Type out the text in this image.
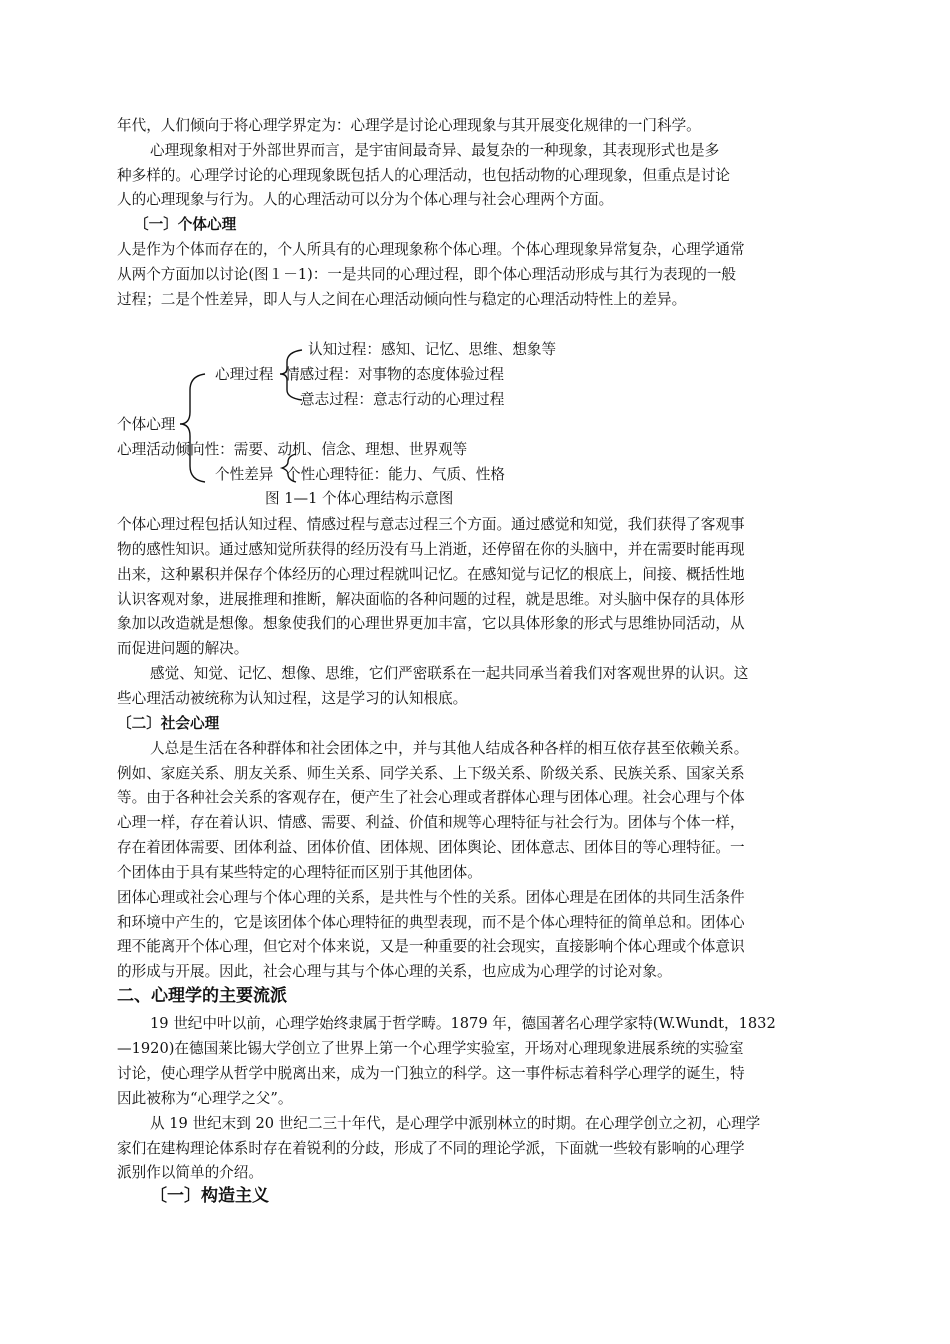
年代，人们倾向于将心理学界定为：心理学是讨论心理现象与其开展变化规律的一门科学。
心理现象相对于外部世界而言，是宇宙间最奇异、最复杂的一种现象，其表现形式也是多
种多样的。心理学讨论的心理现象既包括人的心理活动，也包括动物的心理现象，但重点是讨论
人的心理现象与行为。人的心理活动可以分为个体心理与社会心理两个方面。
〔一〕个体心理
人是作为个体而存在的，个人所具有的心理现象称个体心理。个体心理现象异常复杂，心理学通常
从两个方面加以讨论(图１－1)：一是共同的心理过程，即个体心理活动形成与其行为表现的一般
过程；二是个性差异，即人与人之间在心理活动倾向性与稳定的心理活动特性上的差异。
认知过程：感知、记忆、思维、想象等
心理过程 情感过程：对事物的态度体验过程
意志过程：意志行动的心理过程
个体心理
心理活动倾向性：需要、动机、信念、理想、世界观等
个性差异 个性心理特征：能力、气质、性格
图 1—1 个体心理结构示意图
个体心理过程包括认知过程、情感过程与意志过程三个方面。通过感觉和知觉，我们获得了客观事
物的感性知识。通过感知觉所获得的经历没有马上消逝，还停留在你的头脑中，并在需要时能再现
出来，这种累积并保存个体经历的心理过程就叫记忆。在感知觉与记忆的根底上，间接、概括性地
认识客观对象，进展推理和推断，解决面临的各种问题的过程，就是思维。对头脑中保存的具体形
象加以改造就是想像。想象使我们的心理世界更加丰富，它以具体形象的形式与思维协同活动，从
而促进问题的解决。
感觉、知觉、记忆、想像、思维，它们严密联系在一起共同承当着我们对客观世界的认识。这
些心理活动被统称为认知过程，这是学习的认知根底。
〔二〕社会心理
人总是生活在各种群体和社会团体之中，并与其他人结成各种各样的相互依存甚至依赖关系。
例如、家庭关系、朋友关系、师生关系、同学关系、上下级关系、阶级关系、民族关系、国家关系
等。由于各种社会关系的客观存在，便产生了社会心理或者群体心理与团体心理。社会心理与个体
心理一样，存在着认识、情感、需要、利益、价值和规等心理特征与社会行为。团体与个体一样，
存在着团体需要、团体利益、团体价值、团体规、团体舆论、团体意志、团体目的等心理特征。一
个团体由于具有某些特定的心理特征而区别于其他团体。
团体心理或社会心理与个体心理的关系，是共性与个性的关系。团体心理是在团体的共同生活条件
和环境中产生的，它是该团体个体心理特征的典型表现，而不是个体心理特征的简单总和。团体心
理不能离开个体心理，但它对个体来说，又是一种重要的社会现实，直接影响个体心理或个体意识
的形成与开展。因此，社会心理与其与个体心理的关系，也应成为心理学的讨论对象。
二、心理学的主要流派
19 世纪中叶以前，心理学始终隶属于哲学畴。1879 年，德国著名心理学家特(W.Wundt，1832
—1920)在德国莱比锡大学创立了世界上第一个心理学实验室，开场对心理现象进展系统的实验室
讨论，使心理学从哲学中脱离出来，成为一门独立的科学。这一事件标志着科学心理学的诞生，特
因此被称为“心理学之父”。
从 19 世纪末到 20 世纪二三十年代，是心理学中派别林立的时期。在心理学创立之初，心理学
家们在建构理论体系时存在着锐利的分歧，形成了不同的理论学派，下面就一些较有影响的心理学
派别作以简单的介绍。
〔一〕构造主义
